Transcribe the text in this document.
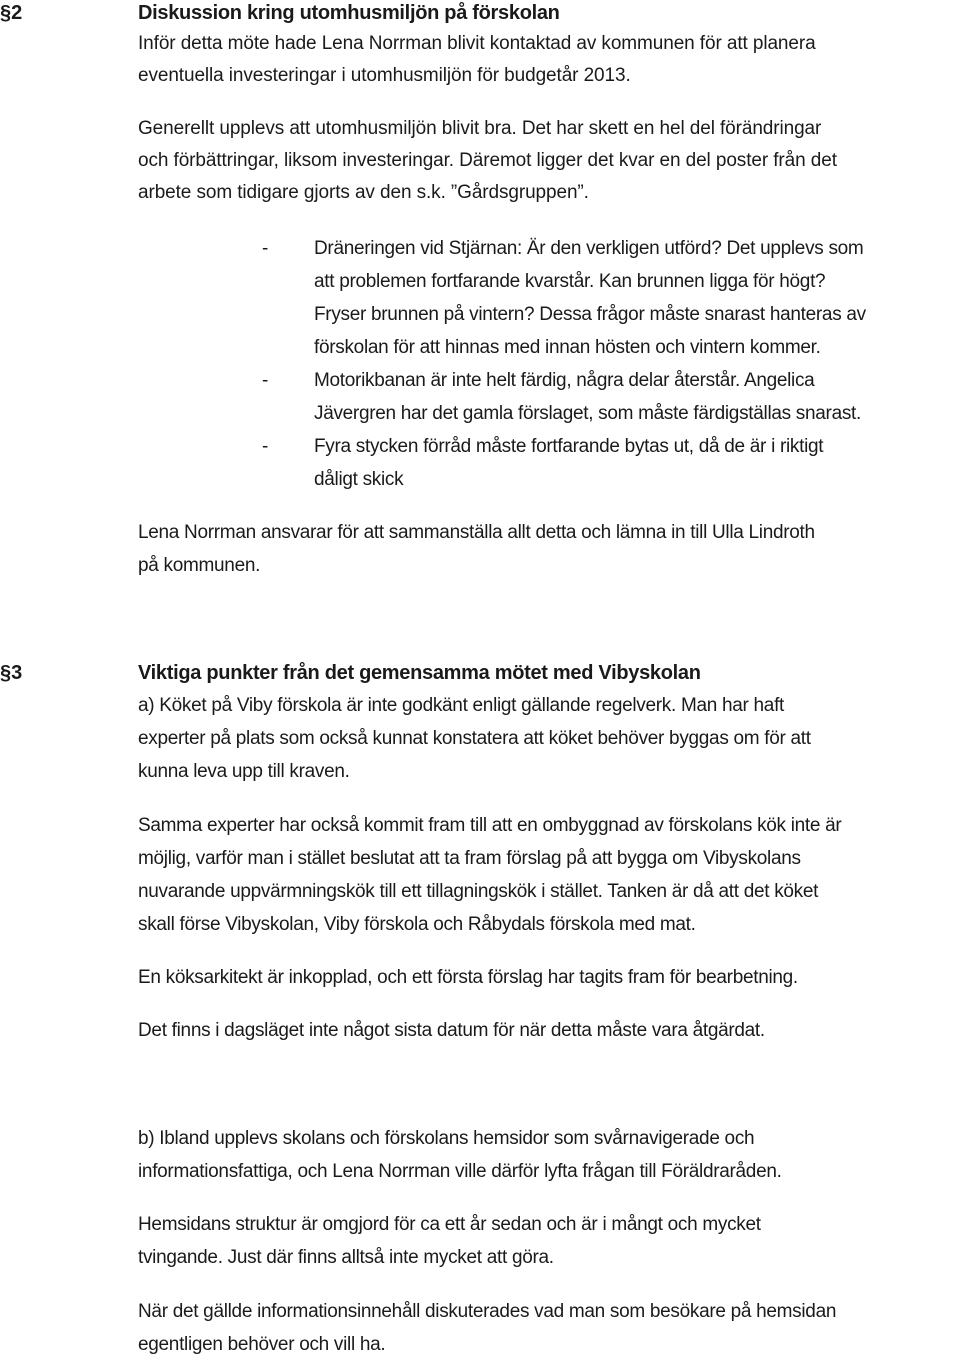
§2	Diskussion kring utomhusmiljön på förskolan
Inför detta möte hade Lena Norrman blivit kontaktad av kommunen för att planera
eventuella investeringar i utomhusmiljön för budgetår 2013.
Generellt upplevs att utomhusmiljön blivit bra. Det har skett en hel del förändringar
och förbättringar, liksom investeringar. Däremot ligger det kvar en del poster från det
arbete som tidigare gjorts av den s.k. ”Gårdsgruppen”.
- Dräneringen vid Stjärnan: Är den verkligen utförd? Det upplevs som
att problemen fortfarande kvarstår. Kan brunnen ligga för högt?
Fryser brunnen på vintern? Dessa frågor måste snarast hanteras av
förskolan för att hinnas med innan hösten och vintern kommer.
- Motorikbanan är inte helt färdig, några delar återstår. Angelica
Jävergren har det gamla förslaget, som måste färdigställas snarast.
- Fyra stycken förråd måste fortfarande bytas ut, då de är i riktigt
dåligt skick
Lena Norrman ansvarar för att sammanställa allt detta och lämna in till Ulla Lindroth
på kommunen.
§3	Viktiga punkter från det gemensamma mötet med Vibyskolan
a) Köket på Viby förskola är inte godkänt enligt gällande regelverk. Man har haft
experter på plats som också kunnat konstatera att köket behöver byggas om för att
kunna leva upp till kraven.
Samma experter har också kommit fram till att en ombyggnad av förskolans kök inte är
möjlig, varför man i stället beslutat att ta fram förslag på att bygga om Vibyskolans
nuvarande uppvärmningskök till ett tillagningskök i stället. Tanken är då att det köket
skall förse Vibyskolan, Viby förskola och Råbydals förskola med mat.
En köksarkitekt är inkopplad, och ett första förslag har tagits fram för bearbetning.
Det finns i dagsläget inte något sista datum för när detta måste vara åtgärdat.
b) Ibland upplevs skolans och förskolans hemsidor som svårnavigerade och
informationsfattiga, och Lena Norrman ville därför lyfta frågan till Föräldraråden.
Hemsidans struktur är omgjord för ca ett år sedan och är i mångt och mycket
tvingande. Just där finns alltså inte mycket att göra.
När det gällde informationsinnehåll diskuterades vad man som besökare på hemsidan
egentligen behöver och vill ha.
